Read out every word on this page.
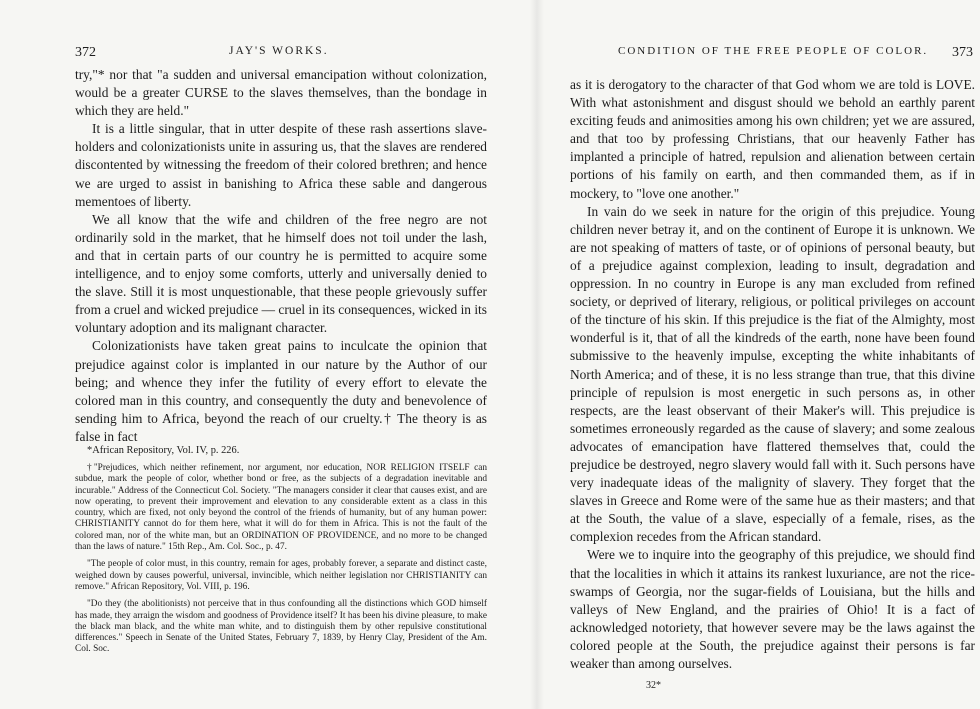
372	JAY'S WORKS.

try,"* nor that "a sudden and universal emancipation without colonization, would be a greater CURSE to the slaves themselves, than the bondage in which they are held."

It is a little singular, that in utter despite of these rash assertions slave-holders and colonizationists unite in assuring us, that the slaves are rendered discontented by witnessing the freedom of their colored brethren; and hence we are urged to assist in banishing to Africa these sable and dangerous mementoes of liberty.

We all know that the wife and children of the free negro are not ordinarily sold in the market, that he himself does not toil under the lash, and that in certain parts of our country he is permitted to acquire some intelligence, and to enjoy some comforts, utterly and universally denied to the slave. Still it is most unquestionable, that these people grievously suffer from a cruel and wicked prejudice — cruel in its consequences, wicked in its voluntary adoption and its malignant character.

Colonizationists have taken great pains to inculcate the opinion that prejudice against color is implanted in our nature by the Author of our being; and whence they infer the futility of every effort to elevate the colored man in this country, and consequently the duty and benevolence of sending him to Africa, beyond the reach of our cruelty.† The theory is as false in fact

*African Repository, Vol. IV, p. 226.

†"Prejudices, which neither refinement, nor argument, nor education, NOR RELIGION ITSELF can subdue, mark the people of color, whether bond or free, as the subjects of a degradation inevitable and incurable." Address of the Connecticut Col. Society. "The managers consider it clear that causes exist, and are now operating, to prevent their improvement and elevation to any considerable extent as a class in this country, which are fixed, not only beyond the control of the friends of humanity, but of any human power: CHRISTIANITY cannot do for them here, what it will do for them in Africa. This is not the fault of the colored man, nor of the white man, but an ORDINATION OF PROVIDENCE, and no more to be changed than the laws of nature." 15th Rep., Am. Col. Soc., p. 47.

"The people of color must, in this country, remain for ages, probably forever, a separate and distinct caste, weighed down by causes powerful, universal, invincible, which neither legislation nor CHRISTIANITY can remove." African Repository, Vol. VIII, p. 196.

"Do they (the abolitionists) not perceive that in thus confounding all the distinctions which GOD himself has made, they arraign the wisdom and goodness of Providence itself? It has been his divine pleasure, to make the black man black, and the white man white, and to distinguish them by other repulsive constitutional differences." Speech in Senate of the United States, February 7, 1839, by Henry Clay, President of the Am. Col. Soc.

CONDITION OF THE FREE PEOPLE OF COLOR. 373

as it is derogatory to the character of that God whom we are told is LOVE. With what astonishment and disgust should we behold an earthly parent exciting feuds and animosities among his own children; yet we are assured, and that too by professing Christians, that our heavenly Father has implanted a principle of hatred, repulsion and alienation between certain portions of his family on earth, and then commanded them, as if in mockery, to "love one another."

In vain do we seek in nature for the origin of this prejudice. Young children never betray it, and on the continent of Europe it is unknown. We are not speaking of matters of taste, or of opinions of personal beauty, but of a prejudice against complexion, leading to insult, degradation and oppression. In no country in Europe is any man excluded from refined society, or deprived of literary, religious, or political privileges on account of the tincture of his skin. If this prejudice is the fiat of the Almighty, most wonderful is it, that of all the kindreds of the earth, none have been found submissive to the heavenly impulse, excepting the white inhabitants of North America; and of these, it is no less strange than true, that this divine principle of repulsion is most energetic in such persons as, in other respects, are the least observant of their Maker's will. This prejudice is sometimes erroneously regarded as the cause of slavery; and some zealous advocates of emancipation have flattered themselves that, could the prejudice be destroyed, negro slavery would fall with it. Such persons have very inadequate ideas of the malignity of slavery. They forget that the slaves in Greece and Rome were of the same hue as their masters; and that at the South, the value of a slave, especially of a female, rises, as the complexion recedes from the African standard.

Were we to inquire into the geography of this prejudice, we should find that the localities in which it attains its rankest luxuriance, are not the rice-swamps of Georgia, nor the sugar-fields of Louisiana, but the hills and valleys of New England, and the prairies of Ohio! It is a fact of acknowledged notoriety, that however severe may be the laws against the colored people at the South, the prejudice against their persons is far weaker than among ourselves.

32*
